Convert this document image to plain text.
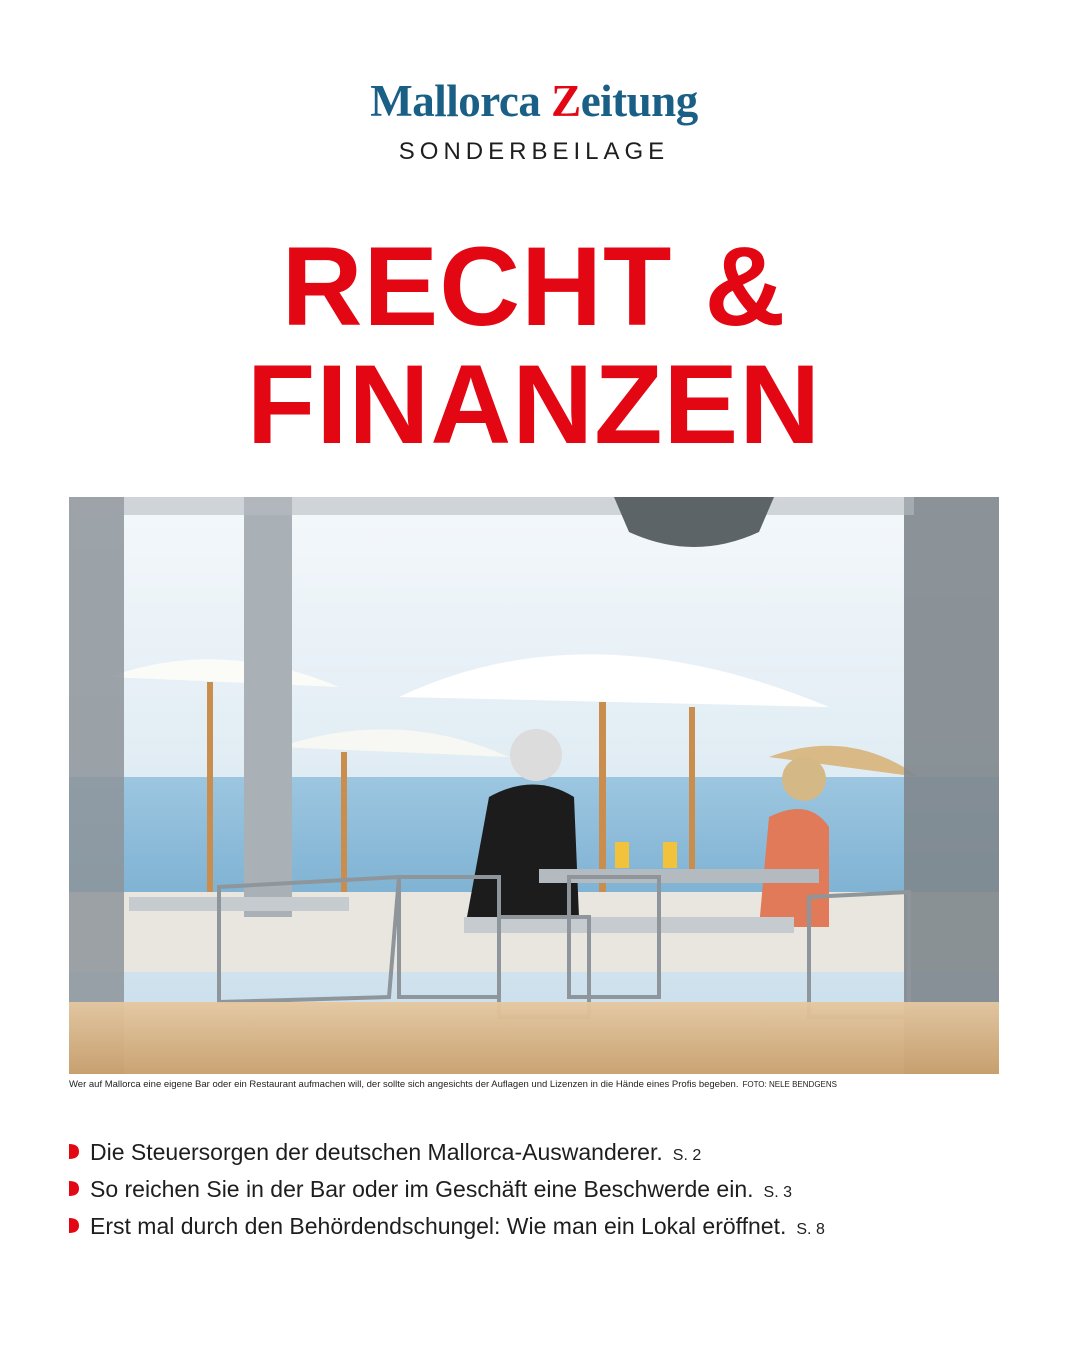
Mallorca Zeitung
SONDERBEILAGE
RECHT &
FINANZEN
Wer auf Mallorca eine eigene Bar oder ein Restaurant aufmachen will, der sollte sich angesichts der Auflagen und Lizenzen in die Hände eines Profis begeben. FOTO: NELE BENDGENS
Die Steuersorgen der deutschen Mallorca-Auswanderer. S. 2
So reichen Sie in der Bar oder im Geschäft eine Beschwerde ein. S. 3
Erst mal durch den Behördendschungel: Wie man ein Lokal eröffnet. S. 8
